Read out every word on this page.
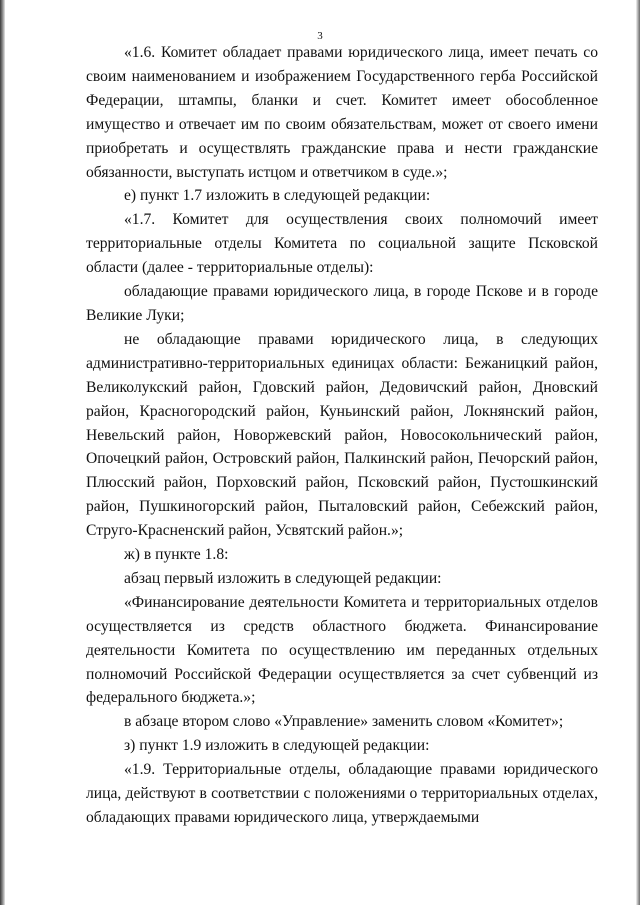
3

«1.6. Комитет обладает правами юридического лица, имеет печать со своим наименованием и изображением Государственного герба Российской Федерации, штампы, бланки и счет. Комитет имеет обособленное имущество и отвечает им по своим обязательствам, может от своего имени приобретать и осуществлять гражданские права и нести гражданские обязанности, выступать истцом и ответчиком в суде.»;

е) пункт 1.7 изложить в следующей редакции:

«1.7. Комитет для осуществления своих полномочий имеет территориальные отделы Комитета по социальной защите Псковской области (далее - территориальные отделы):

обладающие правами юридического лица, в городе Пскове и в городе Великие Луки;

не обладающие правами юридического лица, в следующих административно-территориальных единицах области: Бежаницкий район, Великолукский район, Гдовский район, Дедовичский район, Дновский район, Красногородский район, Куньинский район, Локнянский район, Невельский район, Новоржевский район, Новосокольнический район, Опочецкий район, Островский район, Палкинский район, Печорский район, Плюсский район, Порховский район, Псковский район, Пустошкинский район, Пушкиногорский район, Пыталовский район, Себежский район, Струго-Красненский район, Усвятский район.»;

ж) в пункте 1.8:

абзац первый изложить в следующей редакции:

«Финансирование деятельности Комитета и территориальных отделов осуществляется из средств областного бюджета. Финансирование деятельности Комитета по осуществлению им переданных отдельных полномочий Российской Федерации осуществляется за счет субвенций из федерального бюджета.»;

в абзаце втором слово «Управление» заменить словом «Комитет»;

з) пункт 1.9 изложить в следующей редакции:

«1.9. Территориальные отделы, обладающие правами юридического лица, действуют в соответствии с положениями о территориальных отделах, обладающих правами юридического лица, утверждаемыми
